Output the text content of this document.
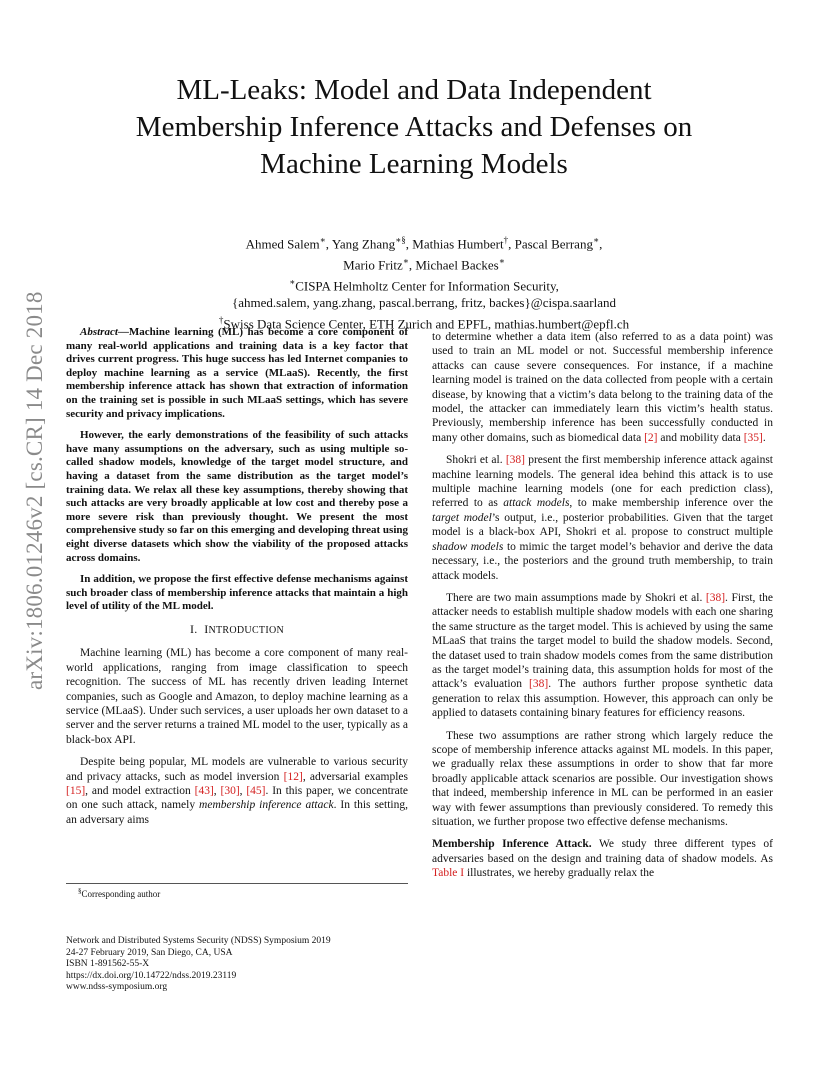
ML-Leaks: Model and Data Independent
Membership Inference Attacks and Defenses on
Machine Learning Models
Ahmed Salem∗, Yang Zhang∗§, Mathias Humbert†, Pascal Berrang∗,
Mario Fritz∗, Michael Backes∗
∗CISPA Helmholtz Center for Information Security,
{ahmed.salem, yang.zhang, pascal.berrang, fritz, backes}@cispa.saarland
†Swiss Data Science Center, ETH Zurich and EPFL, mathias.humbert@epfl.ch
arXiv:1806.01246v2 [cs.CR] 14 Dec 2018	Abstract—Machine learning (ML) has become a core component of many real-world applications and training data is a key factor that drives current progress. This huge success has led Internet companies to deploy machine learning as a service (MLaaS). Recently, the first membership inference attack has shown that extraction of information on the training set is possible in such MLaaS settings, which has severe security and privacy implications.

However, the early demonstrations of the feasibility of such attacks have many assumptions on the adversary, such as using multiple so-called shadow models, knowledge of the target model structure, and having a dataset from the same distribution as the target model’s training data. We relax all these key assumptions, thereby showing that such attacks are very broadly applicable at low cost and thereby pose a more severe risk than previously thought. We present the most comprehensive study so far on this emerging and developing threat using eight diverse datasets which show the viability of the proposed attacks across domains.

In addition, we propose the first effective defense mechanisms against such broader class of membership inference attacks that maintain a high level of utility of the ML model.

I. INTRODUCTION

Machine learning (ML) has become a core component of many real-world applications, ranging from image classification to speech recognition. The success of ML has recently driven leading Internet companies, such as Google and Amazon, to deploy machine learning as a service (MLaaS). Under such services, a user uploads her own dataset to a server and the server returns a trained ML model to the user, typically as a black-box API.

Despite being popular, ML models are vulnerable to various security and privacy attacks, such as model inversion [12], adversarial examples [15], and model extraction [43], [30], [45]. In this paper, we concentrate on one such attack, namely membership inference attack. In this setting, an adversary aims

§Corresponding author
Network and Distributed Systems Security (NDSS) Symposium 2019
24-27 February 2019, San Diego, CA, USA
ISBN 1-891562-55-X
https://dx.doi.org/10.14722/ndss.2019.23119
www.ndss-symposium.org

to determine whether a data item (also referred to as a data point) was used to train an ML model or not. Successful membership inference attacks can cause severe consequences. For instance, if a machine learning model is trained on the data collected from people with a certain disease, by knowing that a victim’s data belong to the training data of the model, the attacker can immediately learn this victim’s health status. Previously, membership inference has been successfully conducted in many other domains, such as biomedical data [2] and mobility data [35].

Shokri et al. [38] present the first membership inference attack against machine learning models. The general idea behind this attack is to use multiple machine learning models (one for each prediction class), referred to as attack models, to make membership inference over the target model’s output, i.e., posterior probabilities. Given that the target model is a black-box API, Shokri et al. propose to construct multiple shadow models to mimic the target model’s behavior and derive the data necessary, i.e., the posteriors and the ground truth membership, to train attack models.

There are two main assumptions made by Shokri et al. [38]. First, the attacker needs to establish multiple shadow models with each one sharing the same structure as the target model. This is achieved by using the same MLaaS that trains the target model to build the shadow models. Second, the dataset used to train shadow models comes from the same distribution as the target model’s training data, this assumption holds for most of the attack’s evaluation [38]. The authors further propose synthetic data generation to relax this assumption. However, this approach can only be applied to datasets containing binary features for efficiency reasons.

These two assumptions are rather strong which largely reduce the scope of membership inference attacks against ML models. In this paper, we gradually relax these assumptions in order to show that far more broadly applicable attack scenarios are possible. Our investigation shows that indeed, membership inference in ML can be performed in an easier way with fewer assumptions than previously considered. To remedy this situation, we further propose two effective defense mechanisms.

Membership Inference Attack. We study three different types of adversaries based on the design and training data of shadow models. As Table I illustrates, we hereby gradually relax the
